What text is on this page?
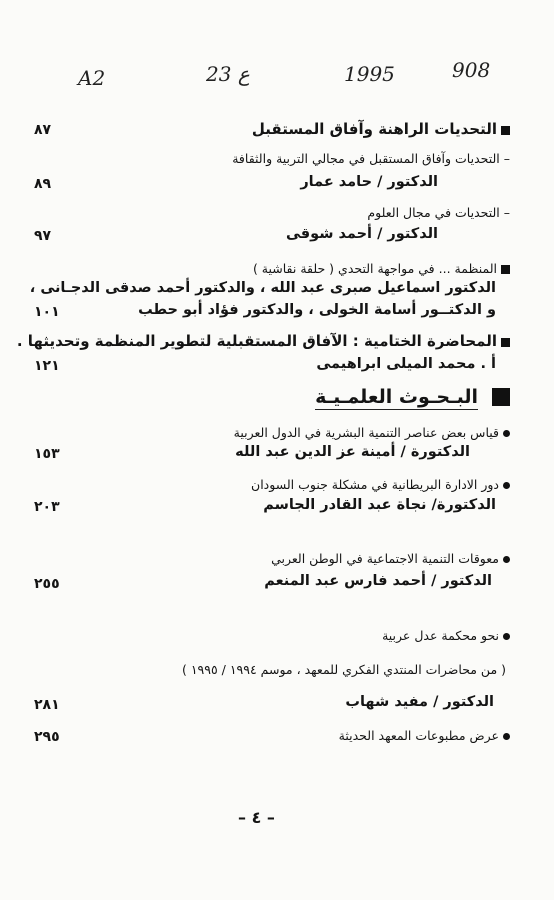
A2	23 ع	1995	908
التحديات الراهنة وآفاق المستقبل
٨٧
– التحديات وآفاق المستقبل في مجالي التربية والثقافة
الدكتور / حامد عمار
٨٩
– التحديات في مجال العلوم
الدكتور / أحمد شوقى
٩٧
المنظمة ... في مواجهة التحدي ( حلقة نقاشية )
الدكتور اسماعيل صبرى عبد الله ، والدكتور أحمد صدقى الدجـانى ،
و الدكتــور أسامة الخولى ، والدكتور فؤاد أبو حطب
١٠١
المحاضرة الختامية : الآفاق المستقبلية لتطوير المنظمة وتحديثها .
أ . محمد الميلى ابراهيمى
١٢١
البـحـوث العلمـيـة
قياس بعض عناصر التنمية البشرية في الدول العربية
الدكتورة / أمينة عز الدين عبد الله
١٥٣
دور الادارة البريطانية في مشكلة جنوب السودان
الدكتورة/ نجاة عبد القادر الجاسم
٢٠٣
معوقات التنمية الاجتماعية في الوطن العربي
الدكتور / أحمد فارس عبد المنعم
٢٥٥
نحو محكمة عدل عربية
( من محاضرات المنتدي الفكري للمعهد ، موسم ١٩٩٤ / ١٩٩٥ )
الدكتور / مفيد شهاب
٢٨١
عرض مطبوعات المعهد الحديثة
٢٩٥
– ٤ –
